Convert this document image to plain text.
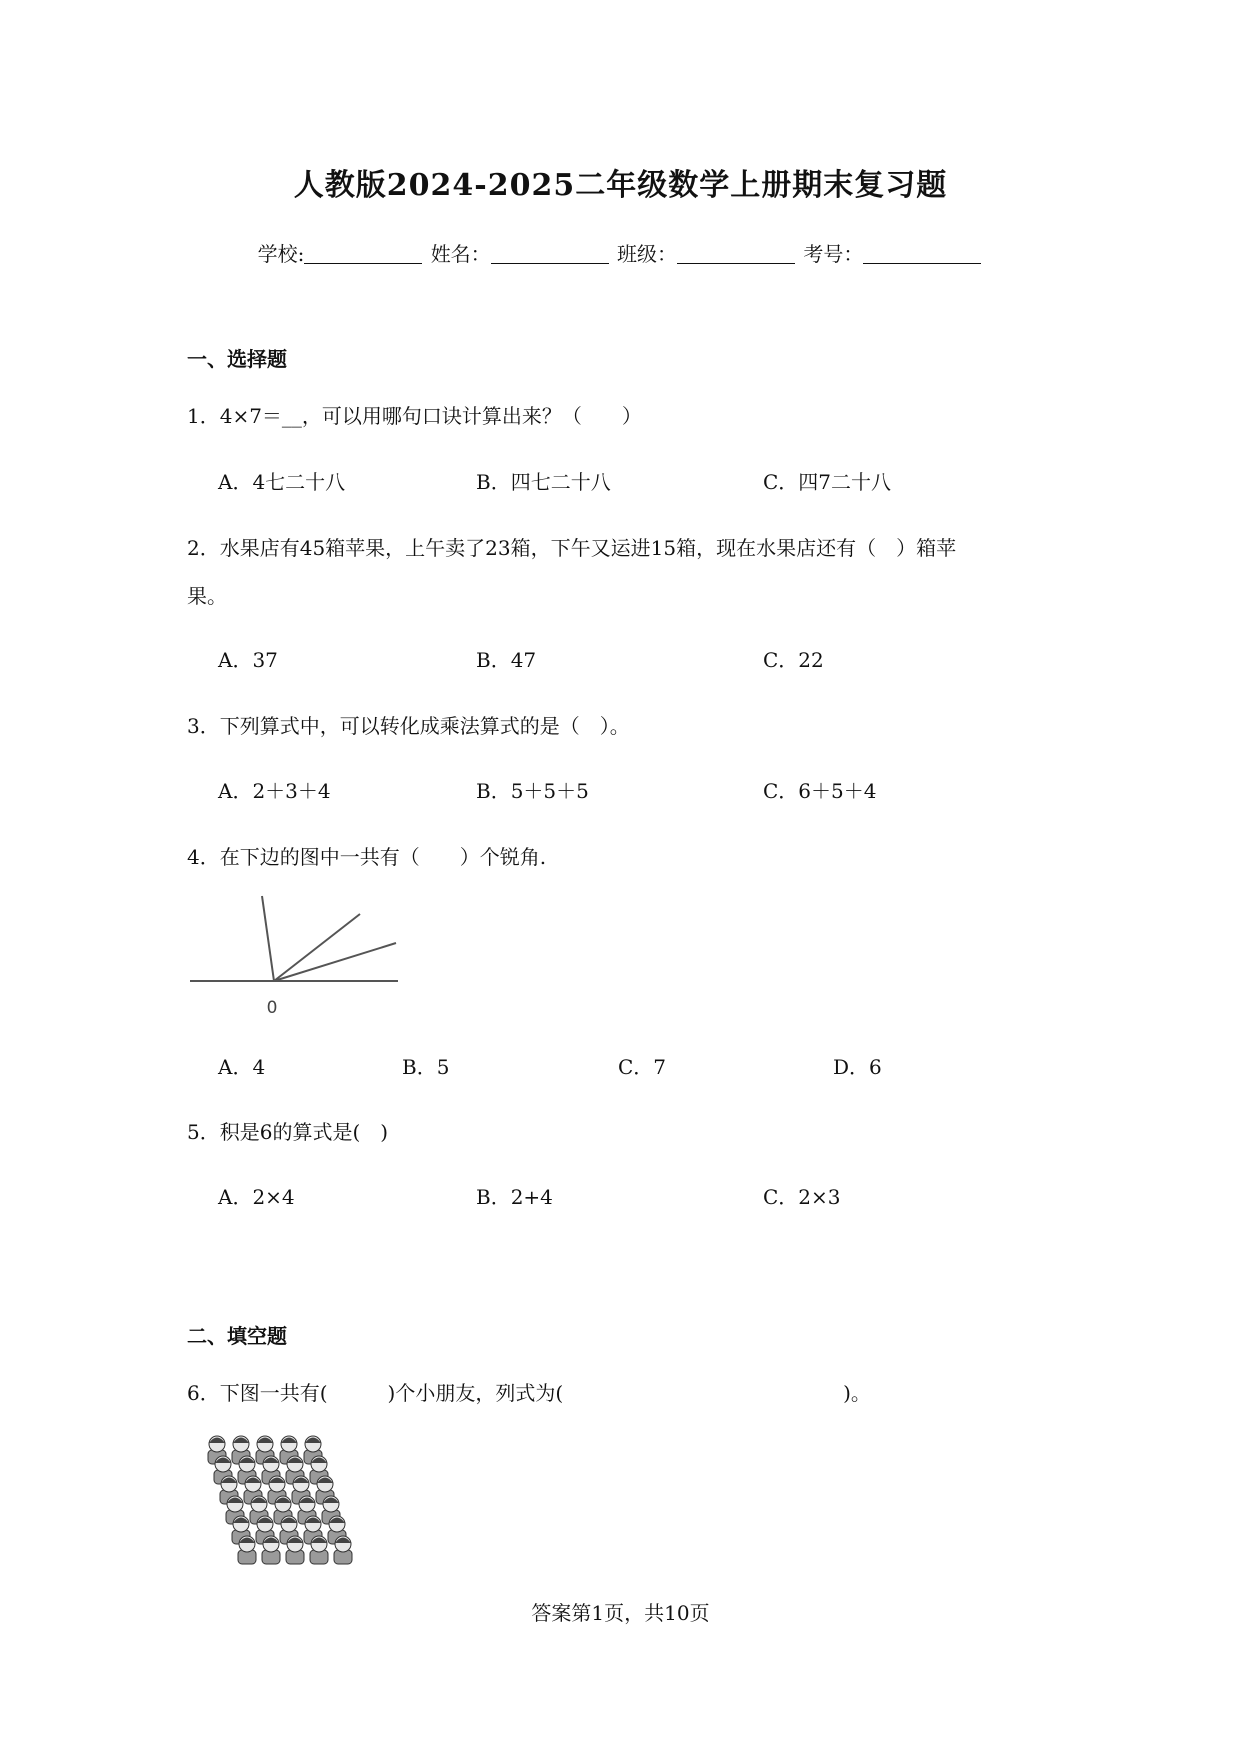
人教版2024-2025二年级数学上册期末复习题
学校:	姓名：	班级：	考号：
一、选择题
1．4×7＝__，可以用哪句口诀计算出来？（　　）
A．4七二十八	B．四七二十八	C．四7二十八
2．水果店有45箱苹果，上午卖了23箱，下午又运进15箱，现在水果店还有（　）箱苹
果。
A．37	B．47	C．22
3．下列算式中，可以转化成乘法算式的是（　）。
A．2＋3＋4	B．5＋5＋5	C．6＋5＋4
4．在下边的图中一共有（　　）个锐角.
0
A．4	B．5	C．7	D．6
5．积是6的算式是(　)
A．2×4	B．2+4	C．2×3
二、填空题
6．下图一共有(　　　)个小朋友，列式为(　　　　　　　　　　　　　　)。
答案第1页，共10页
